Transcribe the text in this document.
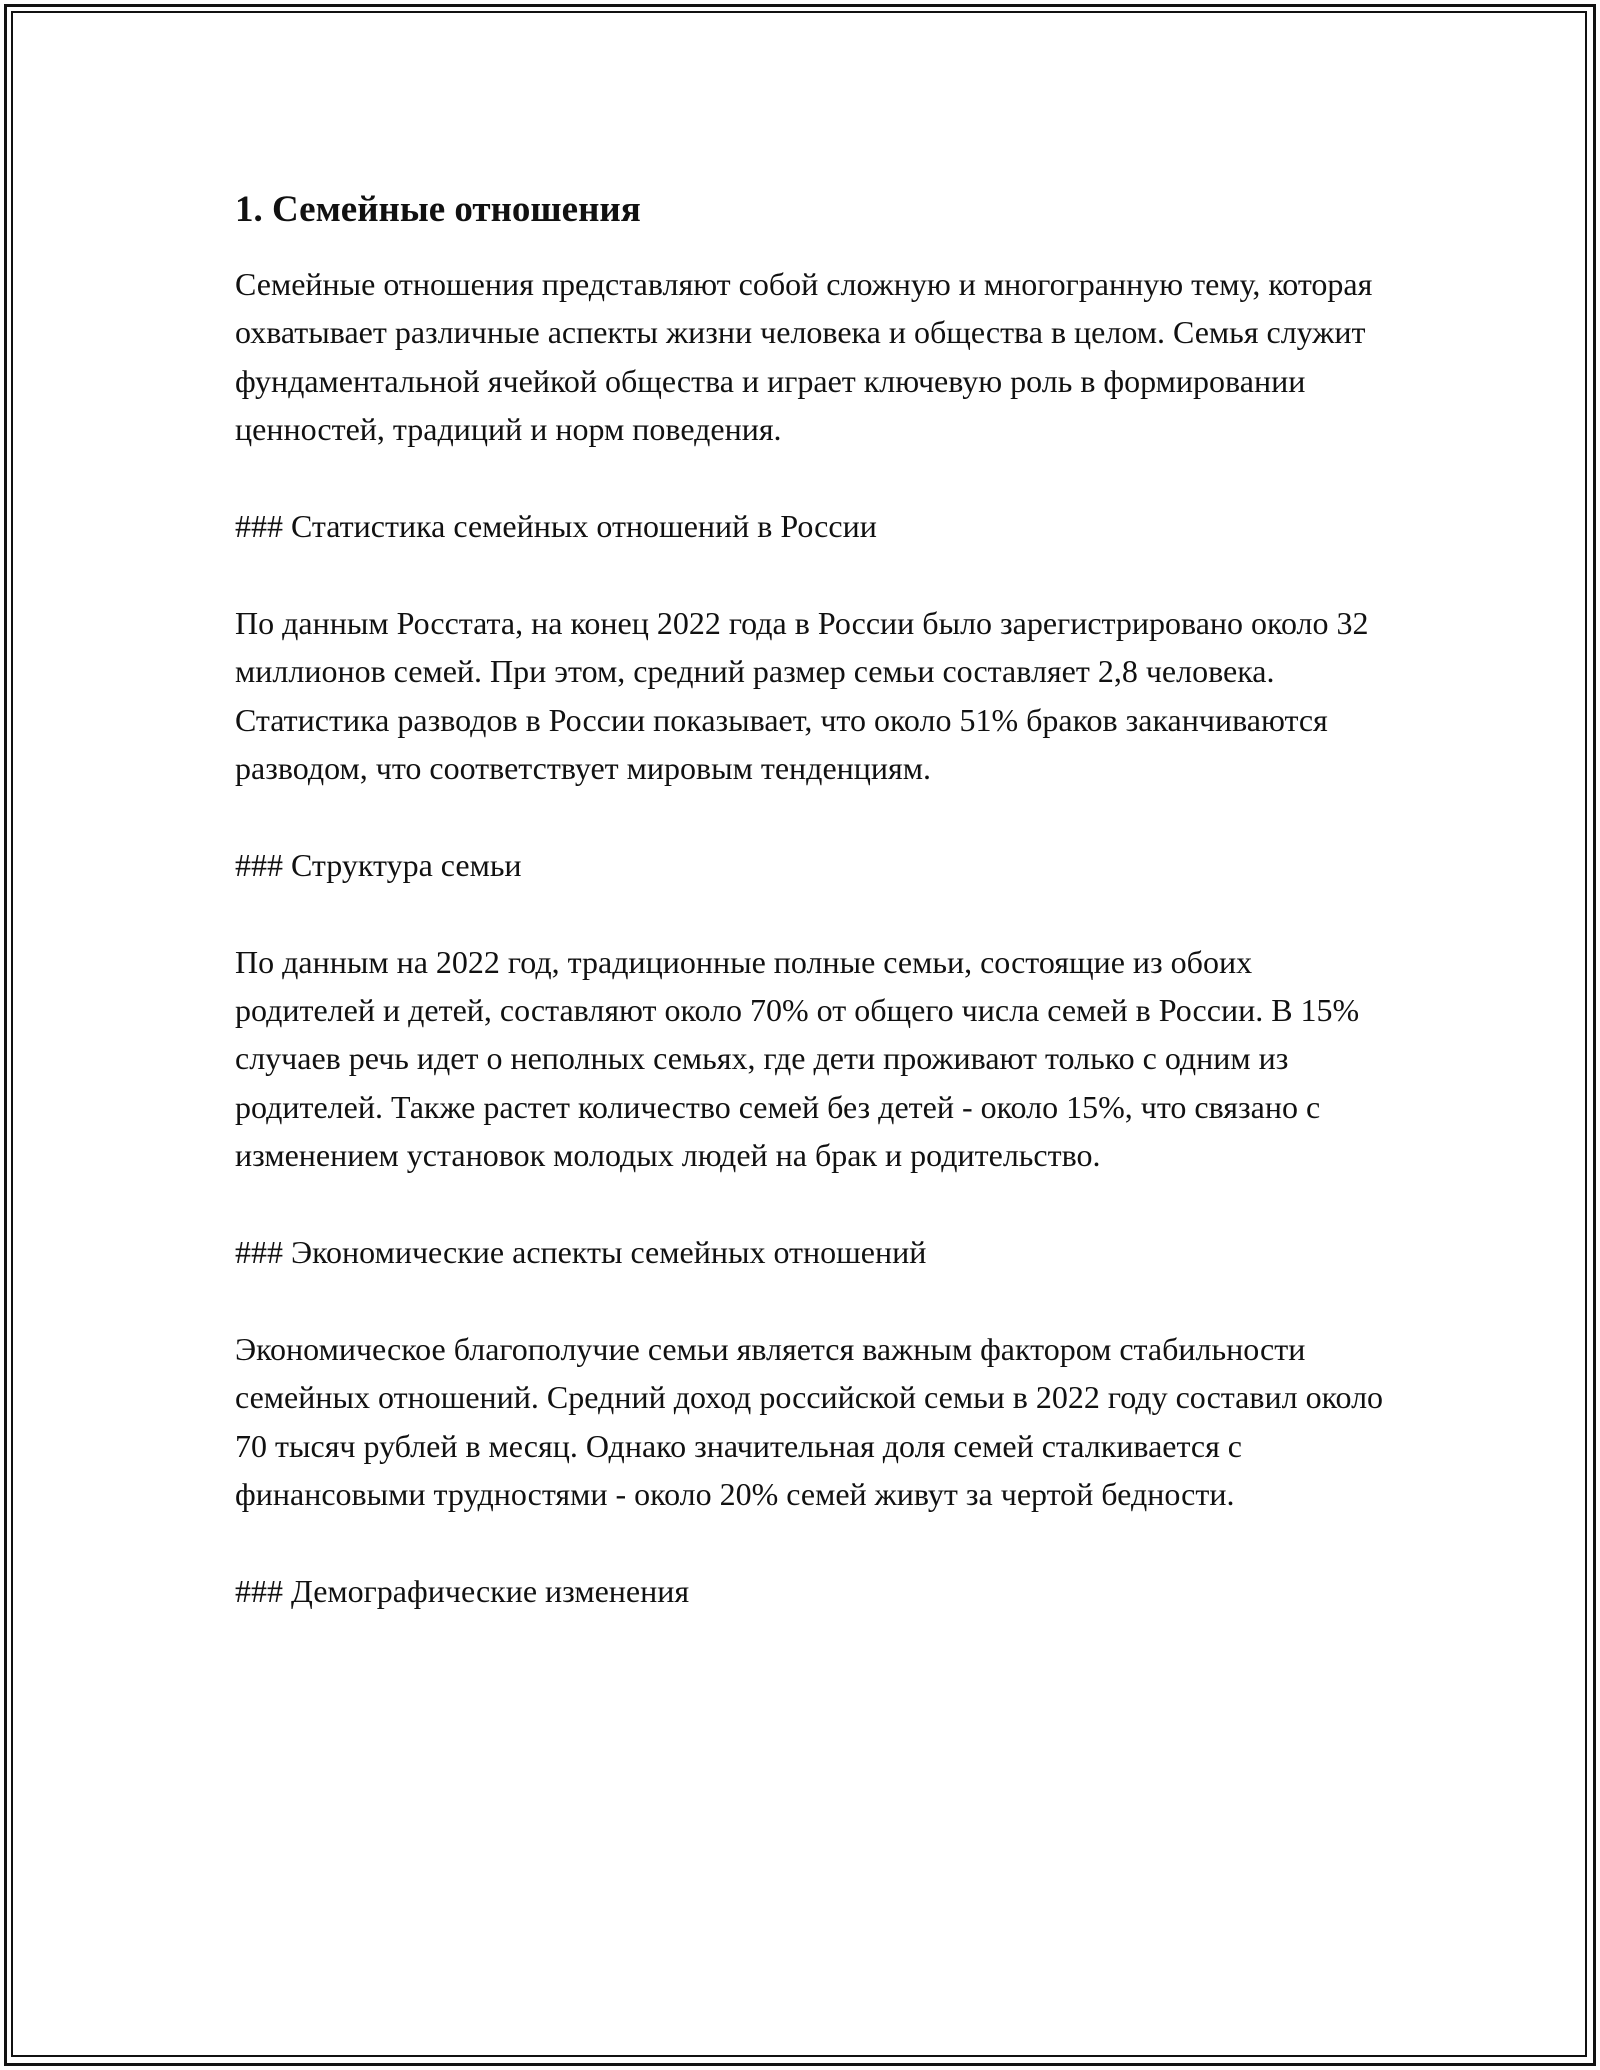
1. Семейные отношения

Семейные отношения представляют собой сложную и многогранную тему, которая охватывает различные аспекты жизни человека и общества в целом. Семья служит фундаментальной ячейкой общества и играет ключевую роль в формировании ценностей, традиций и норм поведения.

### Статистика семейных отношений в России

По данным Росстата, на конец 2022 года в России было зарегистрировано около 32 миллионов семей. При этом, средний размер семьи составляет 2,8 человека. Статистика разводов в России показывает, что около 51% браков заканчиваются разводом, что соответствует мировым тенденциям.

### Структура семьи

По данным на 2022 год, традиционные полные семьи, состоящие из обоих родителей и детей, составляют около 70% от общего числа семей в России. В 15% случаев речь идет о неполных семьях, где дети проживают только с одним из родителей. Также растет количество семей без детей - около 15%, что связано с изменением установок молодых людей на брак и родительство.

### Экономические аспекты семейных отношений

Экономическое благополучие семьи является важным фактором стабильности семейных отношений. Средний доход российской семьи в 2022 году составил около 70 тысяч рублей в месяц. Однако значительная доля семей сталкивается с финансовыми трудностями - около 20% семей живут за чертой бедности.

### Демографические изменения
